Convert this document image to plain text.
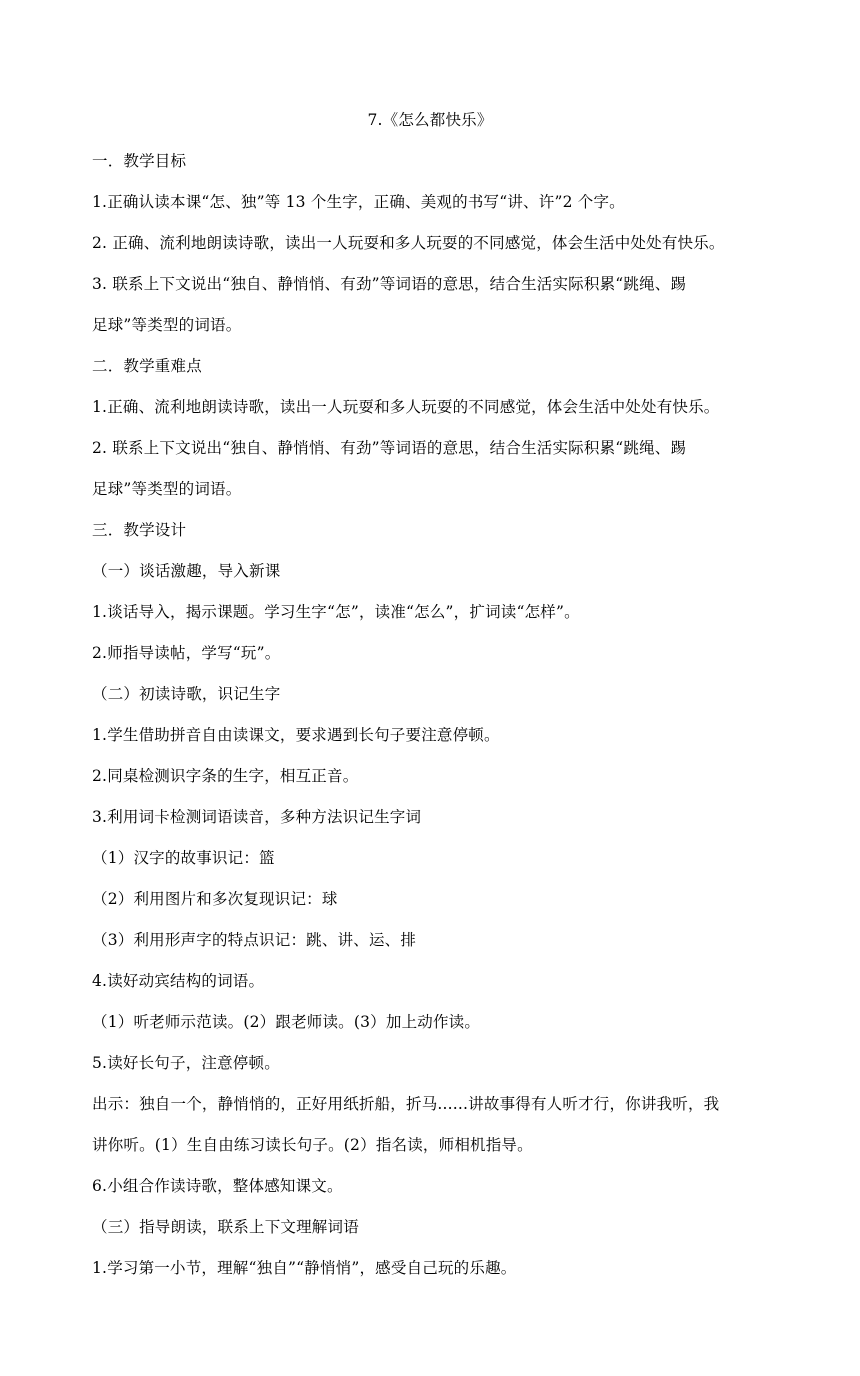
7.《怎么都快乐》
一．教学目标
1.正确认读本课“怎、独”等 13 个生字，正确、美观的书写“讲、许”2 个字。
2. 正确、流利地朗读诗歌，读出一人玩耍和多人玩耍的不同感觉，体会生活中处处有快乐。
3. 联系上下文说出“独自、静悄悄、有劲”等词语的意思，结合生活实际积累“跳绳、踢
足球”等类型的词语。
二．教学重难点
1.正确、流利地朗读诗歌，读出一人玩耍和多人玩耍的不同感觉，体会生活中处处有快乐。
2. 联系上下文说出“独自、静悄悄、有劲”等词语的意思，结合生活实际积累“跳绳、踢
足球”等类型的词语。
三．教学设计
（一）谈话激趣，导入新课
1.谈话导入，揭示课题。学习生字“怎”，读准“怎么”，扩词读“怎样”。
2.师指导读帖，学写“玩”。
（二）初读诗歌，识记生字
1.学生借助拼音自由读课文，要求遇到长句子要注意停顿。
2.同桌检测识字条的生字，相互正音。
3.利用词卡检测词语读音，多种方法识记生字词
（1）汉字的故事识记：篮
（2）利用图片和多次复现识记：球
（3）利用形声字的特点识记：跳、讲、运、排
4.读好动宾结构的词语。
（1）听老师示范读。(2）跟老师读。(3）加上动作读。
5.读好长句子，注意停顿。
出示：独自一个，静悄悄的，正好用纸折船，折马......讲故事得有人听才行，你讲我听，我
讲你听。(1）生自由练习读长句子。(2）指名读，师相机指导。
6.小组合作读诗歌，整体感知课文。
（三）指导朗读，联系上下文理解词语
1.学习第一小节，理解“独自”“静悄悄”，感受自己玩的乐趣。
